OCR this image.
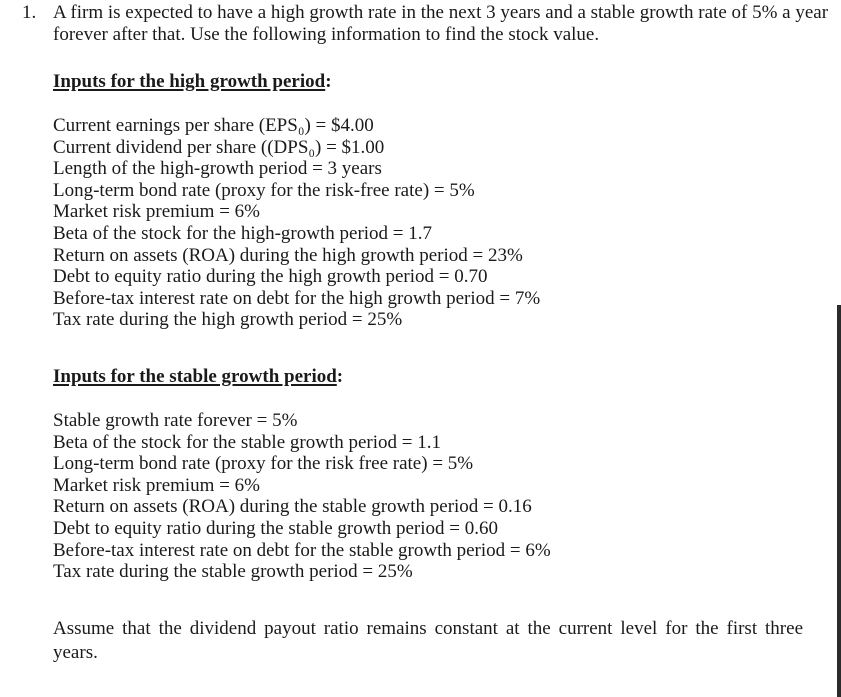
1. A firm is expected to have a high growth rate in the next 3 years and a stable growth rate of 5% a year forever after that. Use the following information to find the stock value.
Inputs for the high growth period:
Current earnings per share (EPS₀) = $4.00
Current dividend per share ((DPS₀) = $1.00
Length of the high-growth period = 3 years
Long-term bond rate (proxy for the risk-free rate) = 5%
Market risk premium = 6%
Beta of the stock for the high-growth period = 1.7
Return on assets (ROA) during the high growth period = 23%
Debt to equity ratio during the high growth period = 0.70
Before-tax interest rate on debt for the high growth period = 7%
Tax rate during the high growth period = 25%
Inputs for the stable growth period:
Stable growth rate forever = 5%
Beta of the stock for the stable growth period = 1.1
Long-term bond rate (proxy for the risk free rate) = 5%
Market risk premium = 6%
Return on assets (ROA) during the stable growth period = 0.16
Debt to equity ratio during the stable growth period = 0.60
Before-tax interest rate on debt for the stable growth period = 6%
Tax rate during the stable growth period = 25%
Assume that the dividend payout ratio remains constant at the current level for the first three years.
